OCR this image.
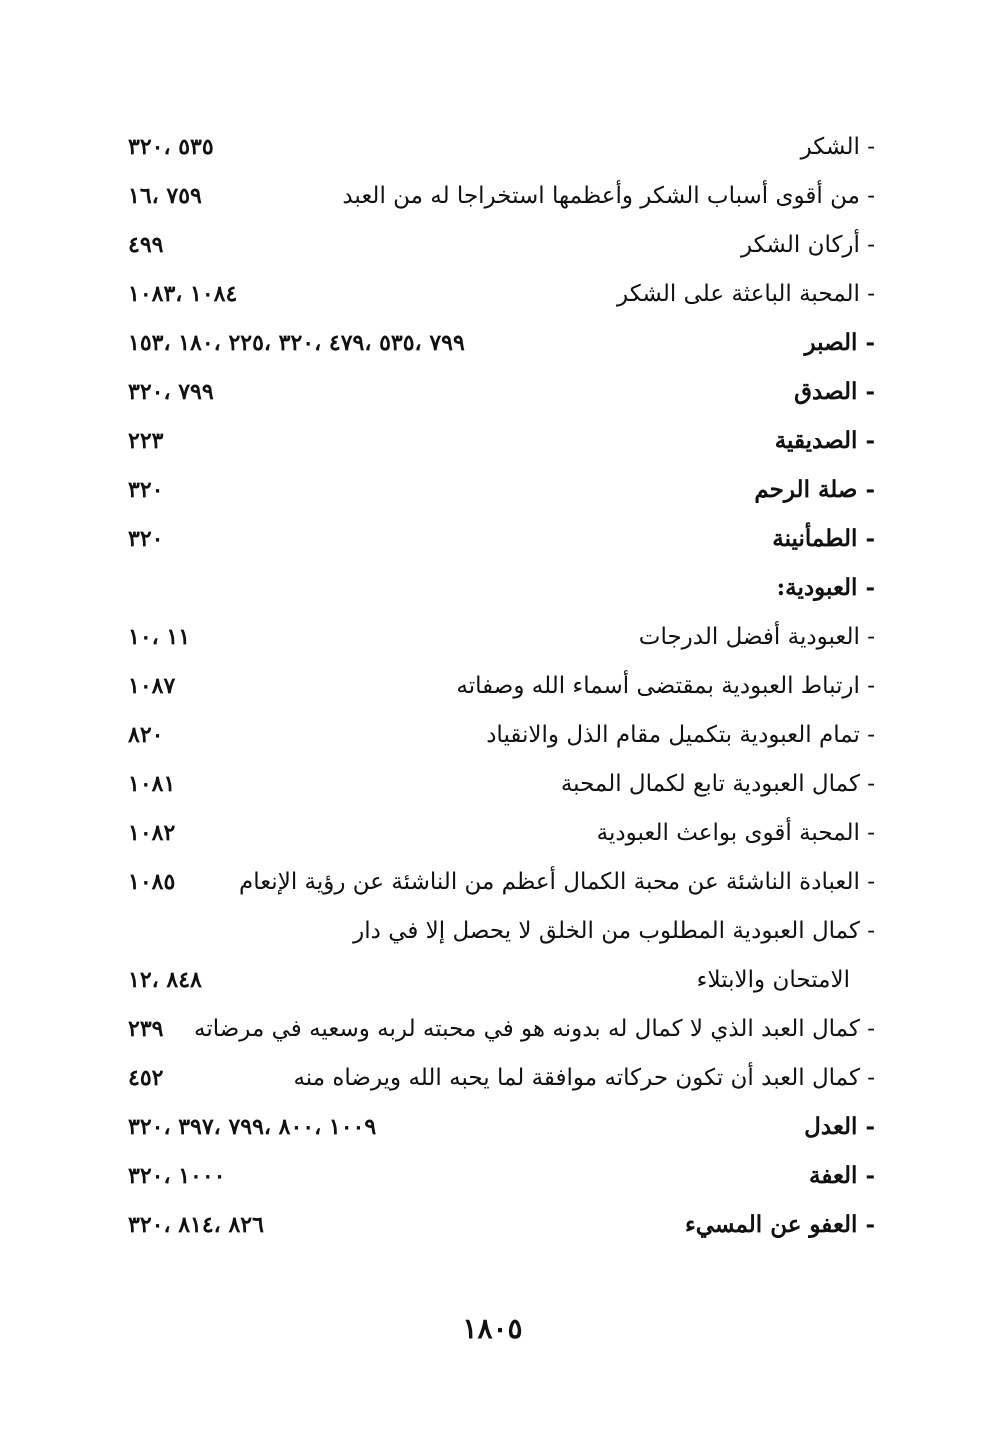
- الشكر
٥٣٥ ،٣٢٠
- من أقوى أسباب الشكر وأعظمها استخراجا له من العبد
٧٥٩ ،١٦
- أركان الشكر
٤٩٩
- المحبة الباعثة على الشكر
١٠٨٤ ،١٠٨٣
- الصبر
٧٩٩ ،٥٣٥ ،٤٧٩ ،٣٢٠ ،٢٢٥ ،١٨٠ ،١٥٣
- الصدق
٧٩٩ ،٣٢٠
- الصديقية
٢٢٣
- صلة الرحم
٣٢٠
- الطمأنينة
٣٢٠
- العبودية:
- العبودية أفضل الدرجات
١١ ،١٠
- ارتباط العبودية بمقتضى أسماء الله وصفاته
١٠٨٧
- تمام العبودية بتكميل مقام الذل والانقياد
٨٢٠
- كمال العبودية تابع لكمال المحبة
١٠٨١
- المحبة أقوى بواعث العبودية
١٠٨٢
- العبادة الناشئة عن محبة الكمال أعظم من الناشئة عن رؤية الإنعام
١٠٨٥
- كمال العبودية المطلوب من الخلق لا يحصل إلا في دار
الامتحان والابتلاء
٨٤٨ ،١٢
- كمال العبد الذي لا كمال له بدونه هو في محبته لربه وسعيه في مرضاته
٢٣٩
- كمال العبد أن تكون حركاته موافقة لما يحبه الله ويرضاه منه
٤٥٢
- العدل
١٠٠٩ ،٨٠٠ ،٧٩٩ ،٣٩٧ ،٣٢٠
- العفة
١٠٠٠ ،٣٢٠
- العفو عن المسيء
٨٢٦ ،٨١٤ ،٣٢٠
١٨٠٥
